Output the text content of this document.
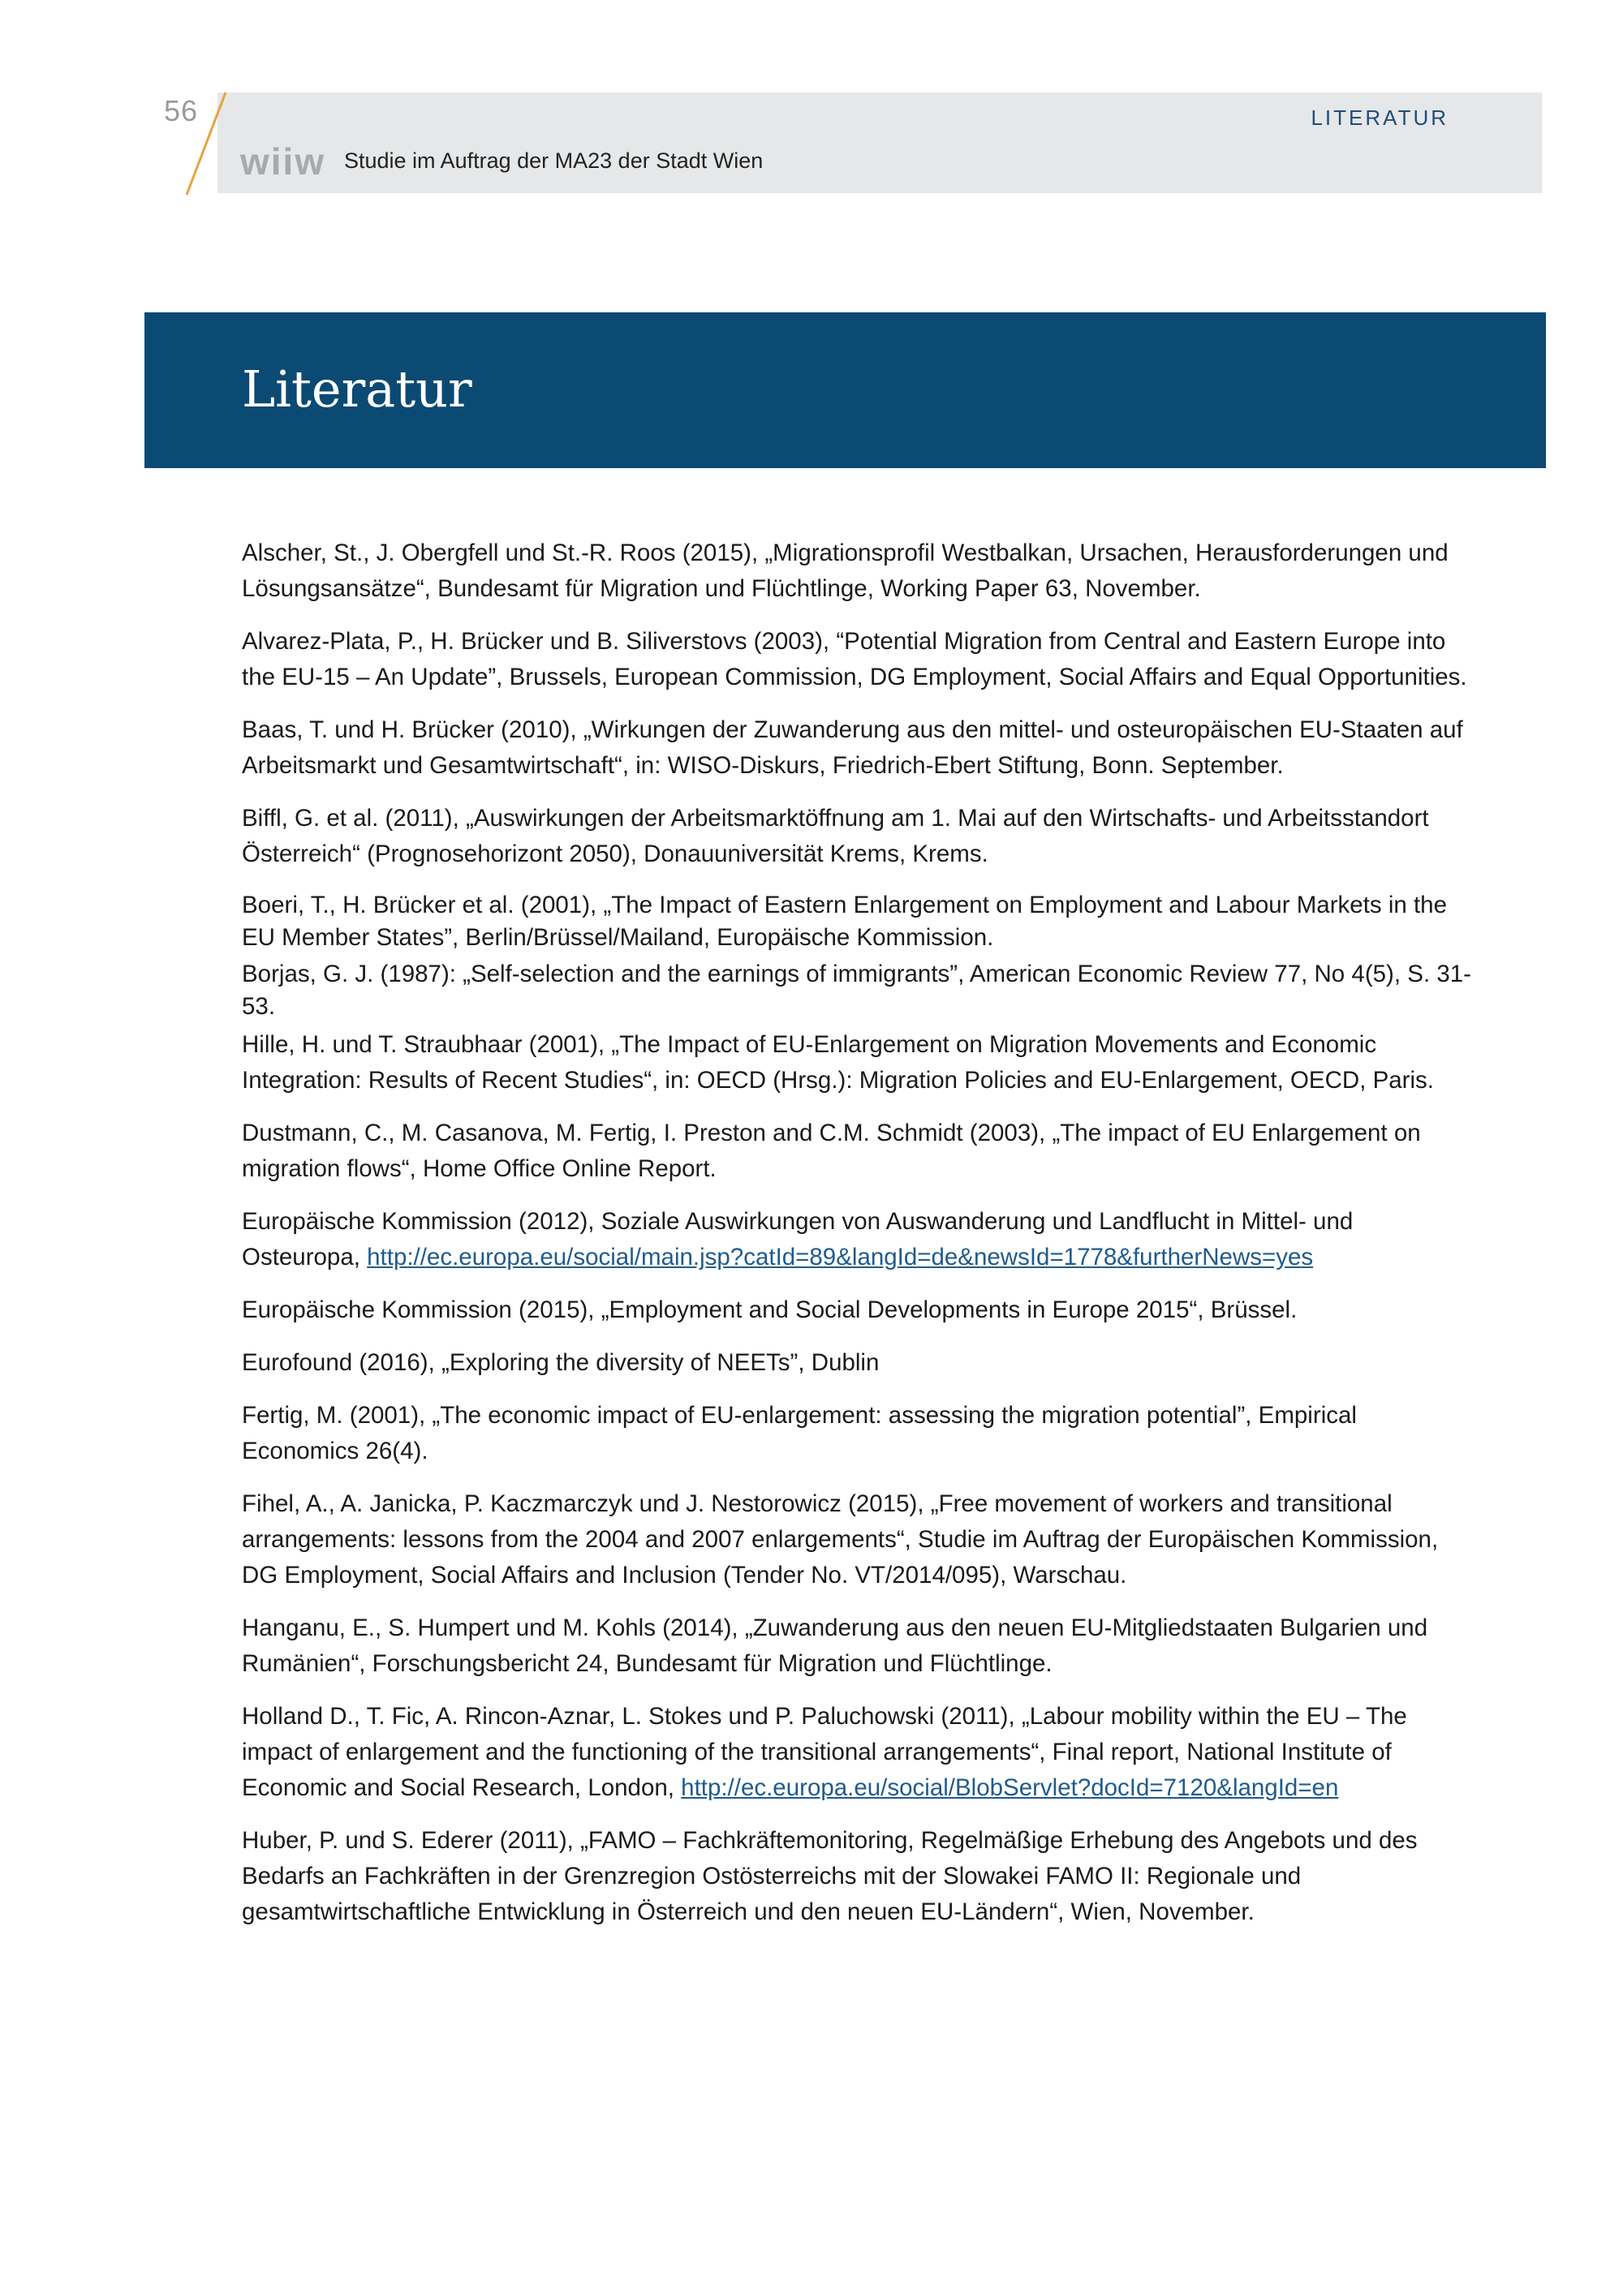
56
wiiw Studie im Auftrag der MA23 der Stadt Wien
LITERATUR
Literatur

Alscher, St., J. Obergfell und St.-R. Roos (2015), „Migrationsprofil Westbalkan, Ursachen, Herausforderungen und Lösungsansätze“, Bundesamt für Migration und Flüchtlinge, Working Paper 63, November.

Alvarez-Plata, P., H. Brücker und B. Siliverstovs (2003), “Potential Migration from Central and Eastern Europe into the EU-15 – An Update”, Brussels, European Commission, DG Employment, Social Affairs and Equal Opportunities.

Baas, T. und H. Brücker (2010), „Wirkungen der Zuwanderung aus den mittel- und osteuropäischen EU-Staaten auf Arbeitsmarkt und Gesamtwirtschaft“, in: WISO-Diskurs, Friedrich-Ebert Stiftung, Bonn. September.

Biffl, G. et al. (2011), „Auswirkungen der Arbeitsmarktöffnung am 1. Mai auf den Wirtschafts- und Arbeitsstandort Österreich“ (Prognosehorizont 2050), Donauuniversität Krems, Krems.

Boeri, T., H. Brücker et al. (2001), „The Impact of Eastern Enlargement on Employment and Labour Markets in the EU Member States”, Berlin/Brüssel/Mailand, Europäische Kommission.

Borjas, G. J. (1987): „Self-selection and the earnings of immigrants”, American Economic Review 77, No 4(5), S. 31-53.

Hille, H. und T. Straubhaar (2001), „The Impact of EU-Enlargement on Migration Movements and Economic Integration: Results of Recent Studies“, in: OECD (Hrsg.): Migration Policies and EU-Enlargement, OECD, Paris.

Dustmann, C., M. Casanova, M. Fertig, I. Preston and C.M. Schmidt (2003), „The impact of EU Enlargement on migration flows“, Home Office Online Report.

Europäische Kommission (2012), Soziale Auswirkungen von Auswanderung und Landflucht in Mittel- und Osteuropa, http://ec.europa.eu/social/main.jsp?catId=89&langId=de&newsId=1778&furtherNews=yes

Europäische Kommission (2015), „Employment and Social Developments in Europe 2015“, Brüssel.

Eurofound (2016), „Exploring the diversity of NEETs”, Dublin

Fertig, M. (2001), „The economic impact of EU-enlargement: assessing the migration potential”, Empirical Economics 26(4).

Fihel, A., A. Janicka, P. Kaczmarczyk und J. Nestorowicz (2015), „Free movement of workers and transitional arrangements: lessons from the 2004 and 2007 enlargements“, Studie im Auftrag der Europäischen Kommission, DG Employment, Social Affairs and Inclusion (Tender No. VT/2014/095), Warschau.

Hanganu, E., S. Humpert und M. Kohls (2014), „Zuwanderung aus den neuen EU-Mitgliedstaaten Bulgarien und Rumänien“, Forschungsbericht 24, Bundesamt für Migration und Flüchtlinge.

Holland D., T. Fic, A. Rincon-Aznar, L. Stokes und P. Paluchowski (2011), „Labour mobility within the EU – The impact of enlargement and the functioning of the transitional arrangements“, Final report, National Institute of Economic and Social Research, London, http://ec.europa.eu/social/BlobServlet?docId=7120&langId=en

Huber, P. und S. Ederer (2011), „FAMO – Fachkräftemonitoring, Regelmäßige Erhebung des Angebots und des Bedarfs an Fachkräften in der Grenzregion Ostösterreichs mit der Slowakei FAMO II: Regionale und gesamtwirtschaftliche Entwicklung in Österreich und den neuen EU-Ländern“, Wien, November.
